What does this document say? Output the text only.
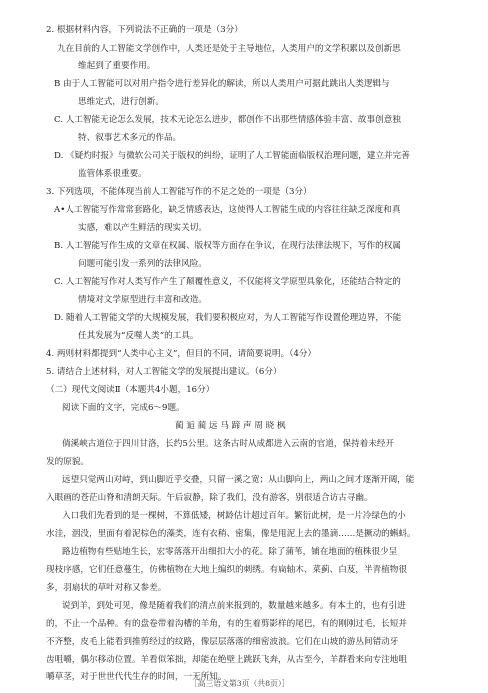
2. 根据材料内容，下列说法不正确的一项是（3分）
九在目前的人工智能文学创作中，人类还是处于主导地位，人类用户的文学积累以及创新思
维起到了重要作用。
B 由于人工智能可以对用户指令进行差异化的解读，所以人类用户可据此跳出人类逻辑与
思维定式，进行创新。
C. 人工智能无论怎么发展，技术无论怎么进步，都创作不出那些情感体验丰富、故事创意独
特、叙事艺术多元的作品。
D. 《疑灼时报》与微软公司关于版权的纠纷，证明了人工智能面临版权治理问题，建立并完善
监管体系很重要。
3. 下列选项，不能体现当前人工智能写作的不足之处的一项是（3分）
A•人工智能写作常常套路化，缺乏情感表达，这使得人工智能生成的内容往往缺乏深度和真
实感，难以产生鲜活的现实关切。
B. 人工智能写作生成的文章在权属、版权等方面存在争议，在现行法律法规下，写作的权属
问题可能引发一系列的法律风险。
C. 人工智能写作对人类写作产生了颠覆性意义，不仅能将文学原型具象化，还能结合特定的
情境对文学原型进行丰富和改造。
D. 随着人工智能文学的大规模发展，我们要积极应对，为人工智能写作设置伦理边界，不能
任其发展为“反噬人类”的工具。
4. 两则材料都提到“人类中心主义”，但目的不同，请简要说明。（4分）
5. 请结合上述材料，对人工智能文学的发展提出建议。（6分）
（二）现代文阅读Ⅱ（本题共4小题，16分）
阅读下面的文字，完成6～9题。
蔺 逅 蔺 远 马 蹄 声 周 晓 枫
倘溪峡古道位于四川甘洛，长约5公里。这条古时从成都进入云南的官道，保持着未经开
发的原貌。
远望只觉两山对峙，到山脚近乎交叠，只留一溪之宽；从山脚向上，两山之间才逐渐开阔，能
入眼画的苍茫山脊和清朗天际。午后寂静，除了我们，没有游客，别很适合访古寻幽。
入口我们先看到的是一棵树，不算低矮，树龄估计超过百年。繁衍此树，是一片冷绿色的小
水洼，洇没，里面有着泥棕色的藻类，连有衣稍、密集，像是甩泥上去的墨滴……是撅动的蝌蚪。
路边植物有些贴地生长，宏零落落开出细扣大小的花。除了蒲苇，铺在地面的植株很少呈
现枝序感，它们任意蔓生，仿佛植物在大地上编织的刺绣。有扁轴木、菜蓟、白芨，半青植物很
多，羽扇状的草叶对称又参差。
说到羊，到处可见，像是随着我们的清点前来报到的，数量越来越多。有本土的，也有引进
的，不止一个品种。有的盘卷带着沟槽的羊角，有的生着剪影样的尾巴，有的刚刚过毛，长短并
不齐整，皮毛上能看到推剪经过的纹路，像层层落落的细密波浪。它们在山坡的游丛间错动牙
齿咀嚼，偶尔移动位置。羊看似笨拙，却能在绝壁上跳跃飞奔，从古至今，羊群看来向专注地咀
嚼草茎，对于世世代代生存的时间，一无所知。
［高三语文第3页（共8页）］
